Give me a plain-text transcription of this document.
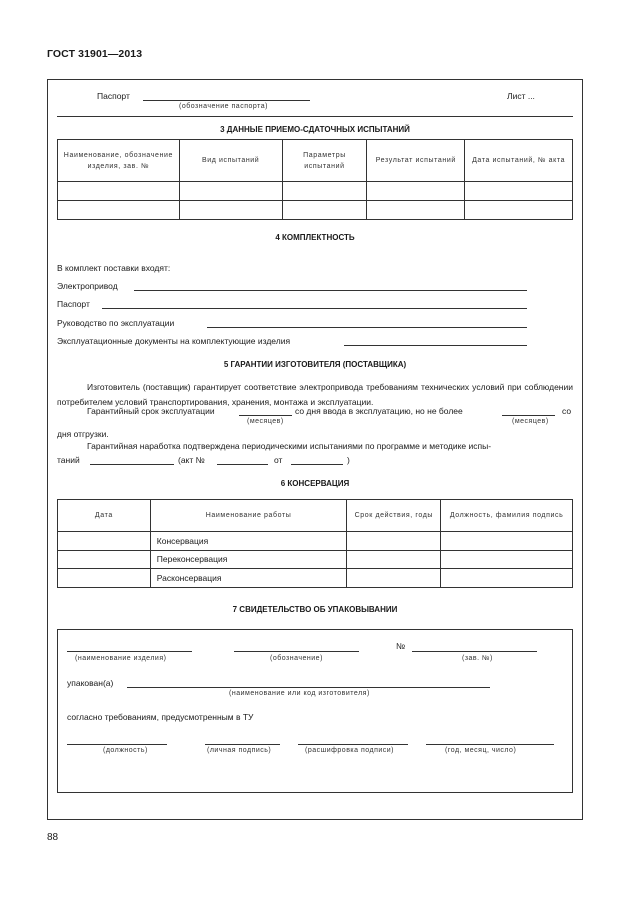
ГОСТ 31901—2013
Паспорт
(обозначение паспорта)
Лист ...
3 ДАННЫЕ ПРИЕМО-СДАТОЧНЫХ ИСПЫТАНИЙ
Наименование, обозначение изделия, зав. №	Вид испытаний	Параметры испытаний	Результат испытаний	Дата испытаний, № акта

4 КОМПЛЕКТНОСТЬ
В комплект поставки входят:
Электропривод
Паспорт
Руководство по эксплуатации
Эксплуатационные документы на комплектующие изделия
5 ГАРАНТИИ ИЗГОТОВИТЕЛЯ (ПОСТАВЩИКА)
Изготовитель (поставщик) гарантирует соответствие электропривода требованиям технических условий при соблюдении потребителем условий транспортирования, хранения, монтажа и эксплуатации.
Гарантийный срок эксплуатации	со дня ввода в эксплуатацию, но не более	со
(месяцев)	(месяцев)
дня отгрузки.
Гарантийная наработка подтверждена периодическими испытаниями по программе и методике испы-
таний	(акт №	от	)
6 КОНСЕРВАЦИЯ
Дата	Наименование работы	Срок действия, годы	Должность, фамилия подпись
	Консервация		
	Переконсервация		
	Расконсервация		
7 СВИДЕТЕЛЬСТВО ОБ УПАКОВЫВАНИИ
№
(наименование изделия)	(обозначение)	(зав. №)
упакован(а)
(наименование или код изготовителя)
согласно требованиям, предусмотренным в ТУ
(должность)	(личная подпись)	(расшифровка подписи)	(год, месяц, число)
88
